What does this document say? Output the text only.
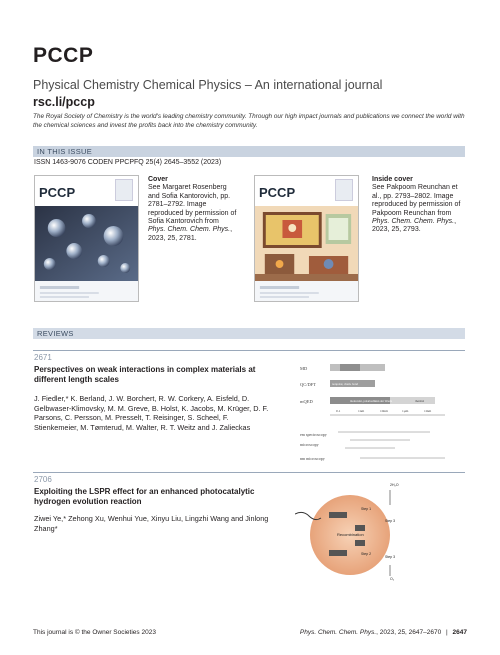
PCCP
Physical Chemistry Chemical Physics – An international journal
rsc.li/pccp
The Royal Society of Chemistry is the world's leading chemistry community. Through our high impact journals and publications we connect the world with the chemical sciences and invest the profits back into the chemistry community.
IN THIS ISSUE
ISSN 1463-9076 CODEN PPCPFQ 25(4) 2645–3552 (2023)
PCCP
Cover
See Margaret Rosenberg and Sofia Kantorovich, pp. 2781–2792. Image reproduced by permission of Sofia Kantorovich from Phys. Chem. Chem. Phys., 2023, 25, 2781.
PCCP
Inside cover
See Pakpoom Reunchan et al., pp. 2793–2802. Image reproduced by permission of Pakpoom Reunchan from Phys. Chem. Chem. Phys., 2023, 25, 2793.
REVIEWS
2671
Perspectives on weak interactions in complex materials at different length scales
J. Fiedler,* K. Berland, J. W. Borchert, R. W. Corkery, A. Eisfeld, D. Gelbwaser-Klimovsky, M. M. Greve, B. Holst, K. Jacobs, M. Krüger, D. F. Parsons, C. Persson, M. Presselt, T. Reisinger, S. Scheel, F. Stienkemeier, M. Tømterud, M. Walter, R. T. Weitz and J. Zalieckas
MD
QC/DFT
mQED
em spectroscopy
microscopy
nm microscopy
nonpolar, chem. bond
molecular, polarisable
van der Waals	thermal
0.1	1nm	10nm	1μm	1mm
2706
Exploiting the LSPR effect for an enhanced photocatalytic hydrogen evolution reaction
Ziwei Ye,* Zehong Xu, Wenhui Yue, Xinyu Liu, Lingzhi Wang and Jinlong Zhang*
Recombination
Step 1
Step 2
Step 3
Step 3
2H₂O
O₂
This journal is © the Owner Societies 2023	Phys. Chem. Chem. Phys., 2023, 25, 2647–2670 | 2647
